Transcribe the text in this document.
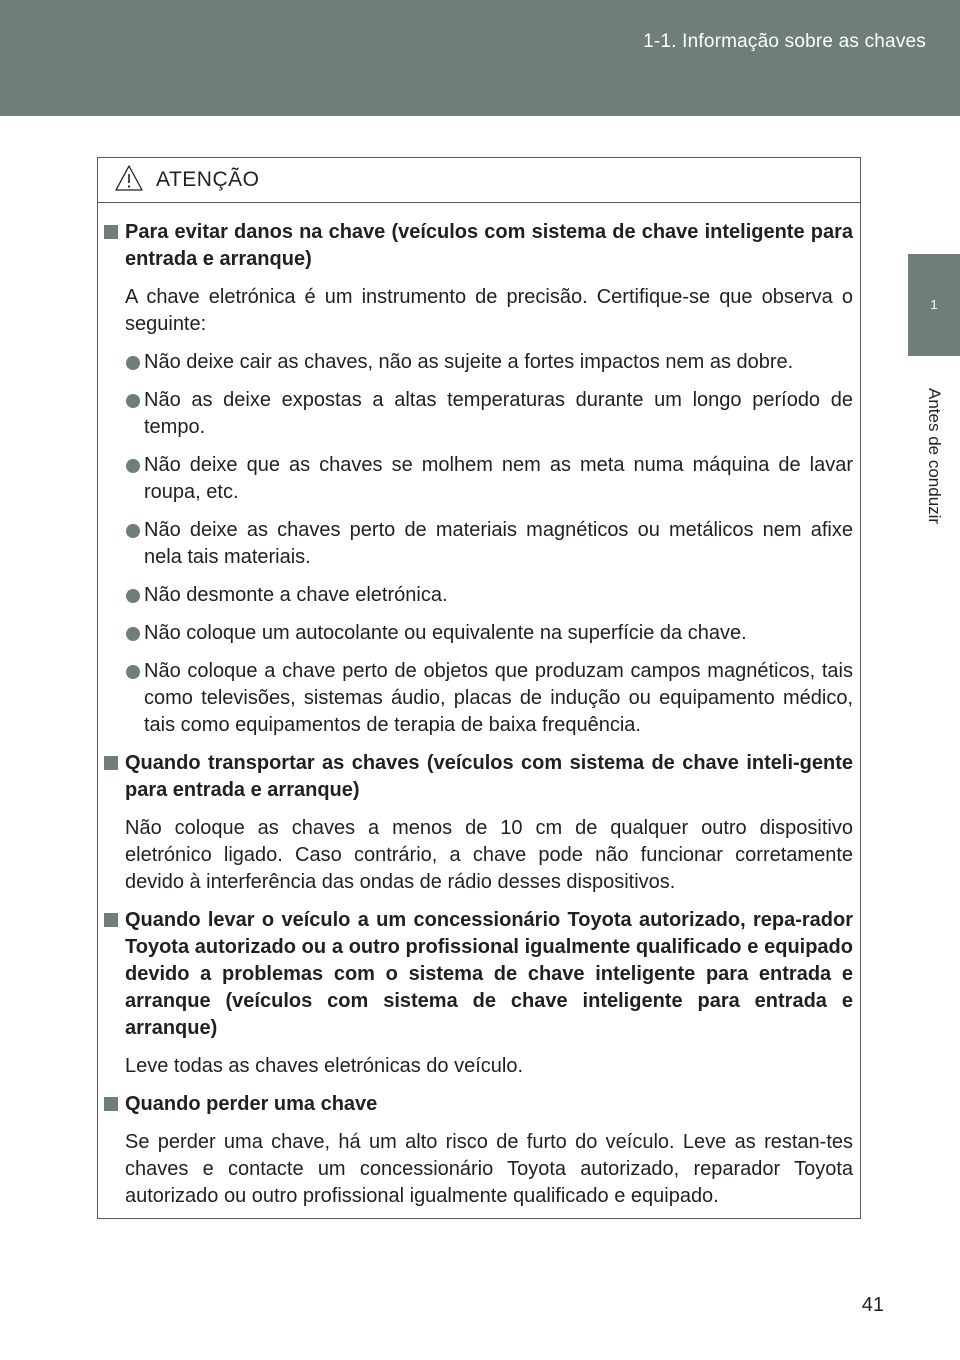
1-1. Informação sobre as chaves
1
Antes de conduzir
ATENÇÃO
Para evitar danos na chave (veículos com sistema de chave inteligente para entrada e arranque)
A chave eletrónica é um instrumento de precisão. Certifique-se que observa o seguinte:
Não deixe cair as chaves, não as sujeite a fortes impactos nem as dobre.
Não as deixe expostas a altas temperaturas durante um longo período de tempo.
Não deixe que as chaves se molhem nem as meta numa máquina de lavar roupa, etc.
Não deixe as chaves perto de materiais magnéticos ou metálicos nem afixe nela tais materiais.
Não desmonte a chave eletrónica.
Não coloque um autocolante ou equivalente na superfície da chave.
Não coloque a chave perto de objetos que produzam campos magnéticos, tais como televisões, sistemas áudio, placas de indução ou equipamento médico, tais como equipamentos de terapia de baixa frequência.
Quando transportar as chaves (veículos com sistema de chave inteli-gente para entrada e arranque)
Não coloque as chaves a menos de 10 cm de qualquer outro dispositivo eletrónico ligado. Caso contrário, a chave pode não funcionar corretamente devido à interferência das ondas de rádio desses dispositivos.
Quando levar o veículo a um concessionário Toyota autorizado, repa-rador Toyota autorizado ou a outro profissional igualmente qualificado e equipado devido a problemas com o sistema de chave inteligente para entrada e arranque (veículos com sistema de chave inteligente para entrada e arranque)
Leve todas as chaves eletrónicas do veículo.
Quando perder uma chave
Se perder uma chave, há um alto risco de furto do veículo. Leve as restan-tes chaves e contacte um concessionário Toyota autorizado, reparador Toyota autorizado ou outro profissional igualmente qualificado e equipado.
41
